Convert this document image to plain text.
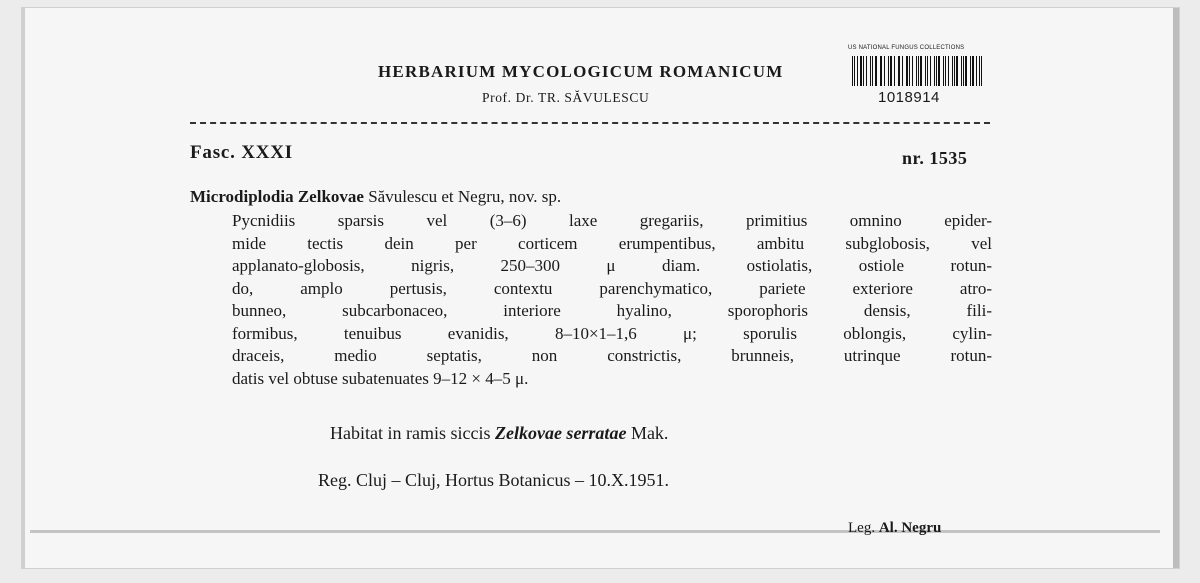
HERBARIUM MYCOLOGICUM ROMANICUM
Prof. Dr. TR. SĂVULESCU
US NATIONAL FUNGUS COLLECTIONS
1018914
Fasc. XXXI	nr. 1535
Microdiplodia Zelkovae Săvulescu et Negru, nov. sp.
Pycnidiis sparsis vel (3–6) laxe gregariis, primitius omnino epider-
mide tectis dein per corticem erumpentibus, ambitu subglobosis, vel
applanato-globosis, nigris, 250–300 μ diam. ostiolatis, ostiole rotun-
do, amplo pertusis, contextu parenchymatico, pariete exteriore atro-
bunneo, subcarbonaceo, interiore hyalino, sporophoris densis, fili-
formibus, tenuibus evanidis, 8–10×1–1,6 μ; sporulis oblongis, cylin-
draceis, medio septatis, non constrictis, brunneis, utrinque rotun-
datis vel obtuse subatenuates 9–12 × 4–5 μ.
Habitat in ramis siccis Zelkovae serratae Mak.
Reg. Cluj – Cluj, Hortus Botanicus – 10.X.1951.
Leg. Al. Negru
